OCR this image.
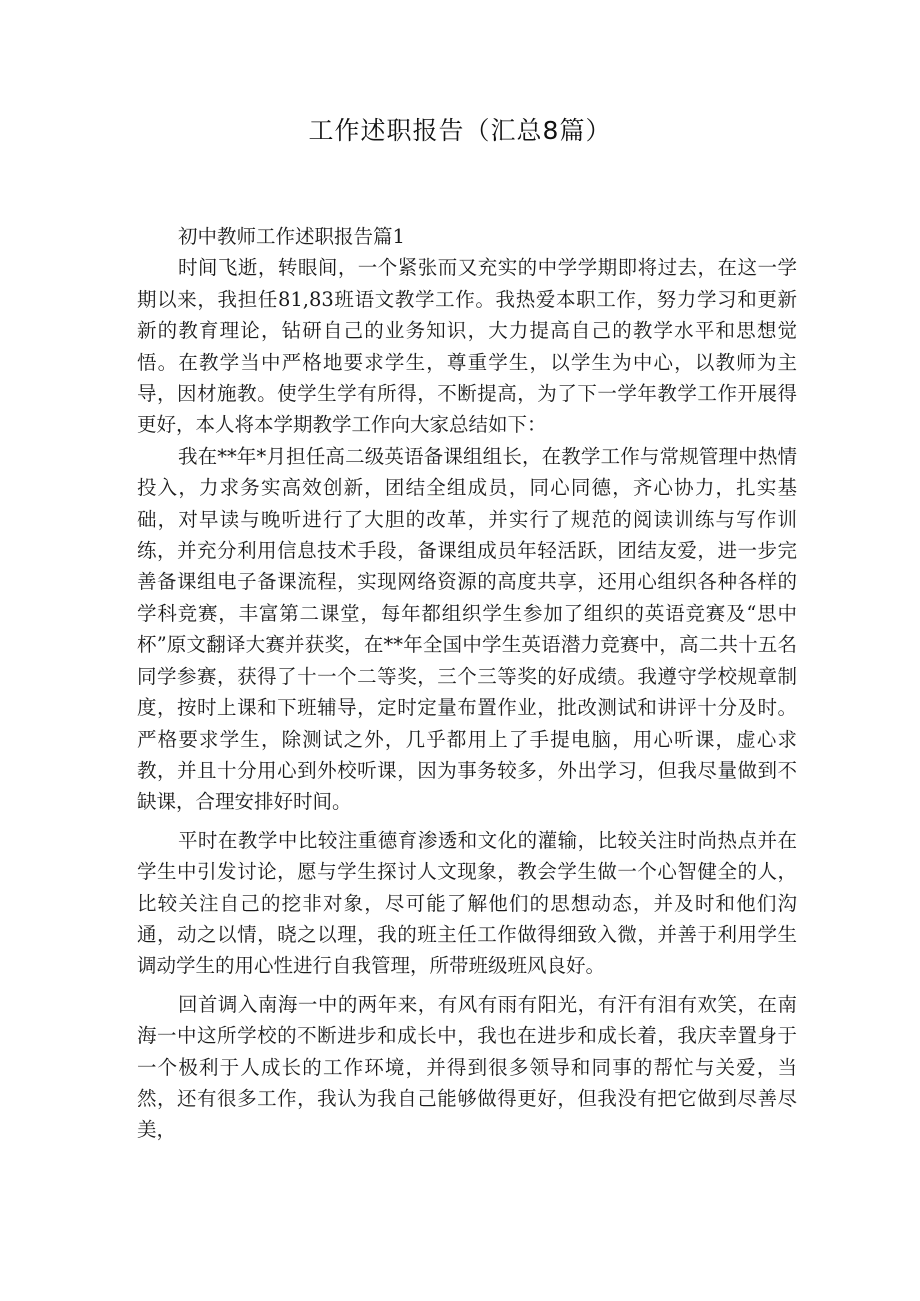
工作述职报告（汇总8篇）

初中教师工作述职报告篇1

时间飞逝，转眼间，一个紧张而又充实的中学学期即将过去，在这一学期以来，我担任81,83班语文教学工作。我热爱本职工作，努力学习和更新新的教育理论，钻研自己的业务知识，大力提高自己的教学水平和思想觉悟。在教学当中严格地要求学生，尊重学生，以学生为中心，以教师为主导，因材施教。使学生学有所得，不断提高，为了下一学年教学工作开展得更好，本人将本学期教学工作向大家总结如下：

我在**年*月担任高二级英语备课组组长，在教学工作与常规管理中热情投入，力求务实高效创新，团结全组成员，同心同德，齐心协力，扎实基础，对早读与晚听进行了大胆的改革，并实行了规范的阅读训练与写作训练，并充分利用信息技术手段，备课组成员年轻活跃，团结友爱，进一步完善备课组电子备课流程，实现网络资源的高度共享，还用心组织各种各样的学科竞赛，丰富第二课堂，每年都组织学生参加了组织的英语竞赛及“思中杯”原文翻译大赛并获奖，在**年全国中学生英语潜力竞赛中，高二共十五名同学参赛，获得了十一个二等奖，三个三等奖的好成绩。我遵守学校规章制度，按时上课和下班辅导，定时定量布置作业，批改测试和讲评十分及时。严格要求学生，除测试之外，几乎都用上了手提电脑，用心听课，虚心求教，并且十分用心到外校听课，因为事务较多，外出学习，但我尽量做到不缺课，合理安排好时间。

平时在教学中比较注重德育渗透和文化的灌输，比较关注时尚热点并在学生中引发讨论，愿与学生探讨人文现象，教会学生做一个心智健全的人，比较关注自己的挖非对象，尽可能了解他们的思想动态，并及时和他们沟通，动之以情，晓之以理，我的班主任工作做得细致入微，并善于利用学生调动学生的用心性进行自我管理，所带班级班风良好。

回首调入南海一中的两年来，有风有雨有阳光，有汗有泪有欢笑，在南海一中这所学校的不断进步和成长中，我也在进步和成长着，我庆幸置身于一个极利于人成长的工作环境，并得到很多领导和同事的帮忙与关爱，当然，还有很多工作，我认为我自己能够做得更好，但我没有把它做到尽善尽美，
